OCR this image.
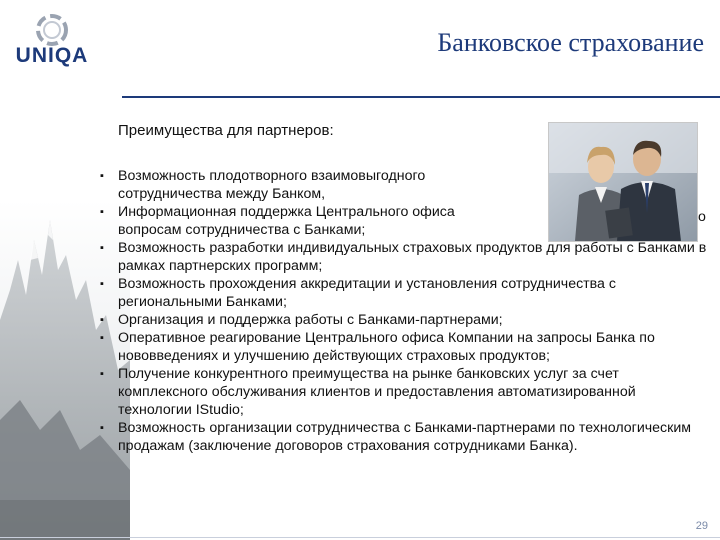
UNIQA	Банковское страхование
Преимущества для партнеров:
▪ Возможность плодотворного взаимовыгодного сотрудничества между Банком,
▪ Информационная поддержка Центрального офиса вопросам сотрудничества с Банками;
▪ Возможность разработки индивидуальных страховых продуктов для работы с Банками в рамках партнерских программ;
▪ Возможность прохождения аккредитации и установления сотрудничества с региональными Банками;
▪ Организация и поддержка работы с Банками-партнерами;
▪ Оперативное реагирование Центрального офиса Компании на запросы Банка по нововведениях и улучшению действующих страховых продуктов;
▪ Получение конкурентного преимущества на рынке банковских услуг за счет комплексного обслуживания клиентов и предоставления автоматизированной технологии IStudio;
▪ Возможность организации сотрудничества с Банками-партнерами по технологическим продажам (заключение договоров страхования сотрудниками Банка).
о
29
